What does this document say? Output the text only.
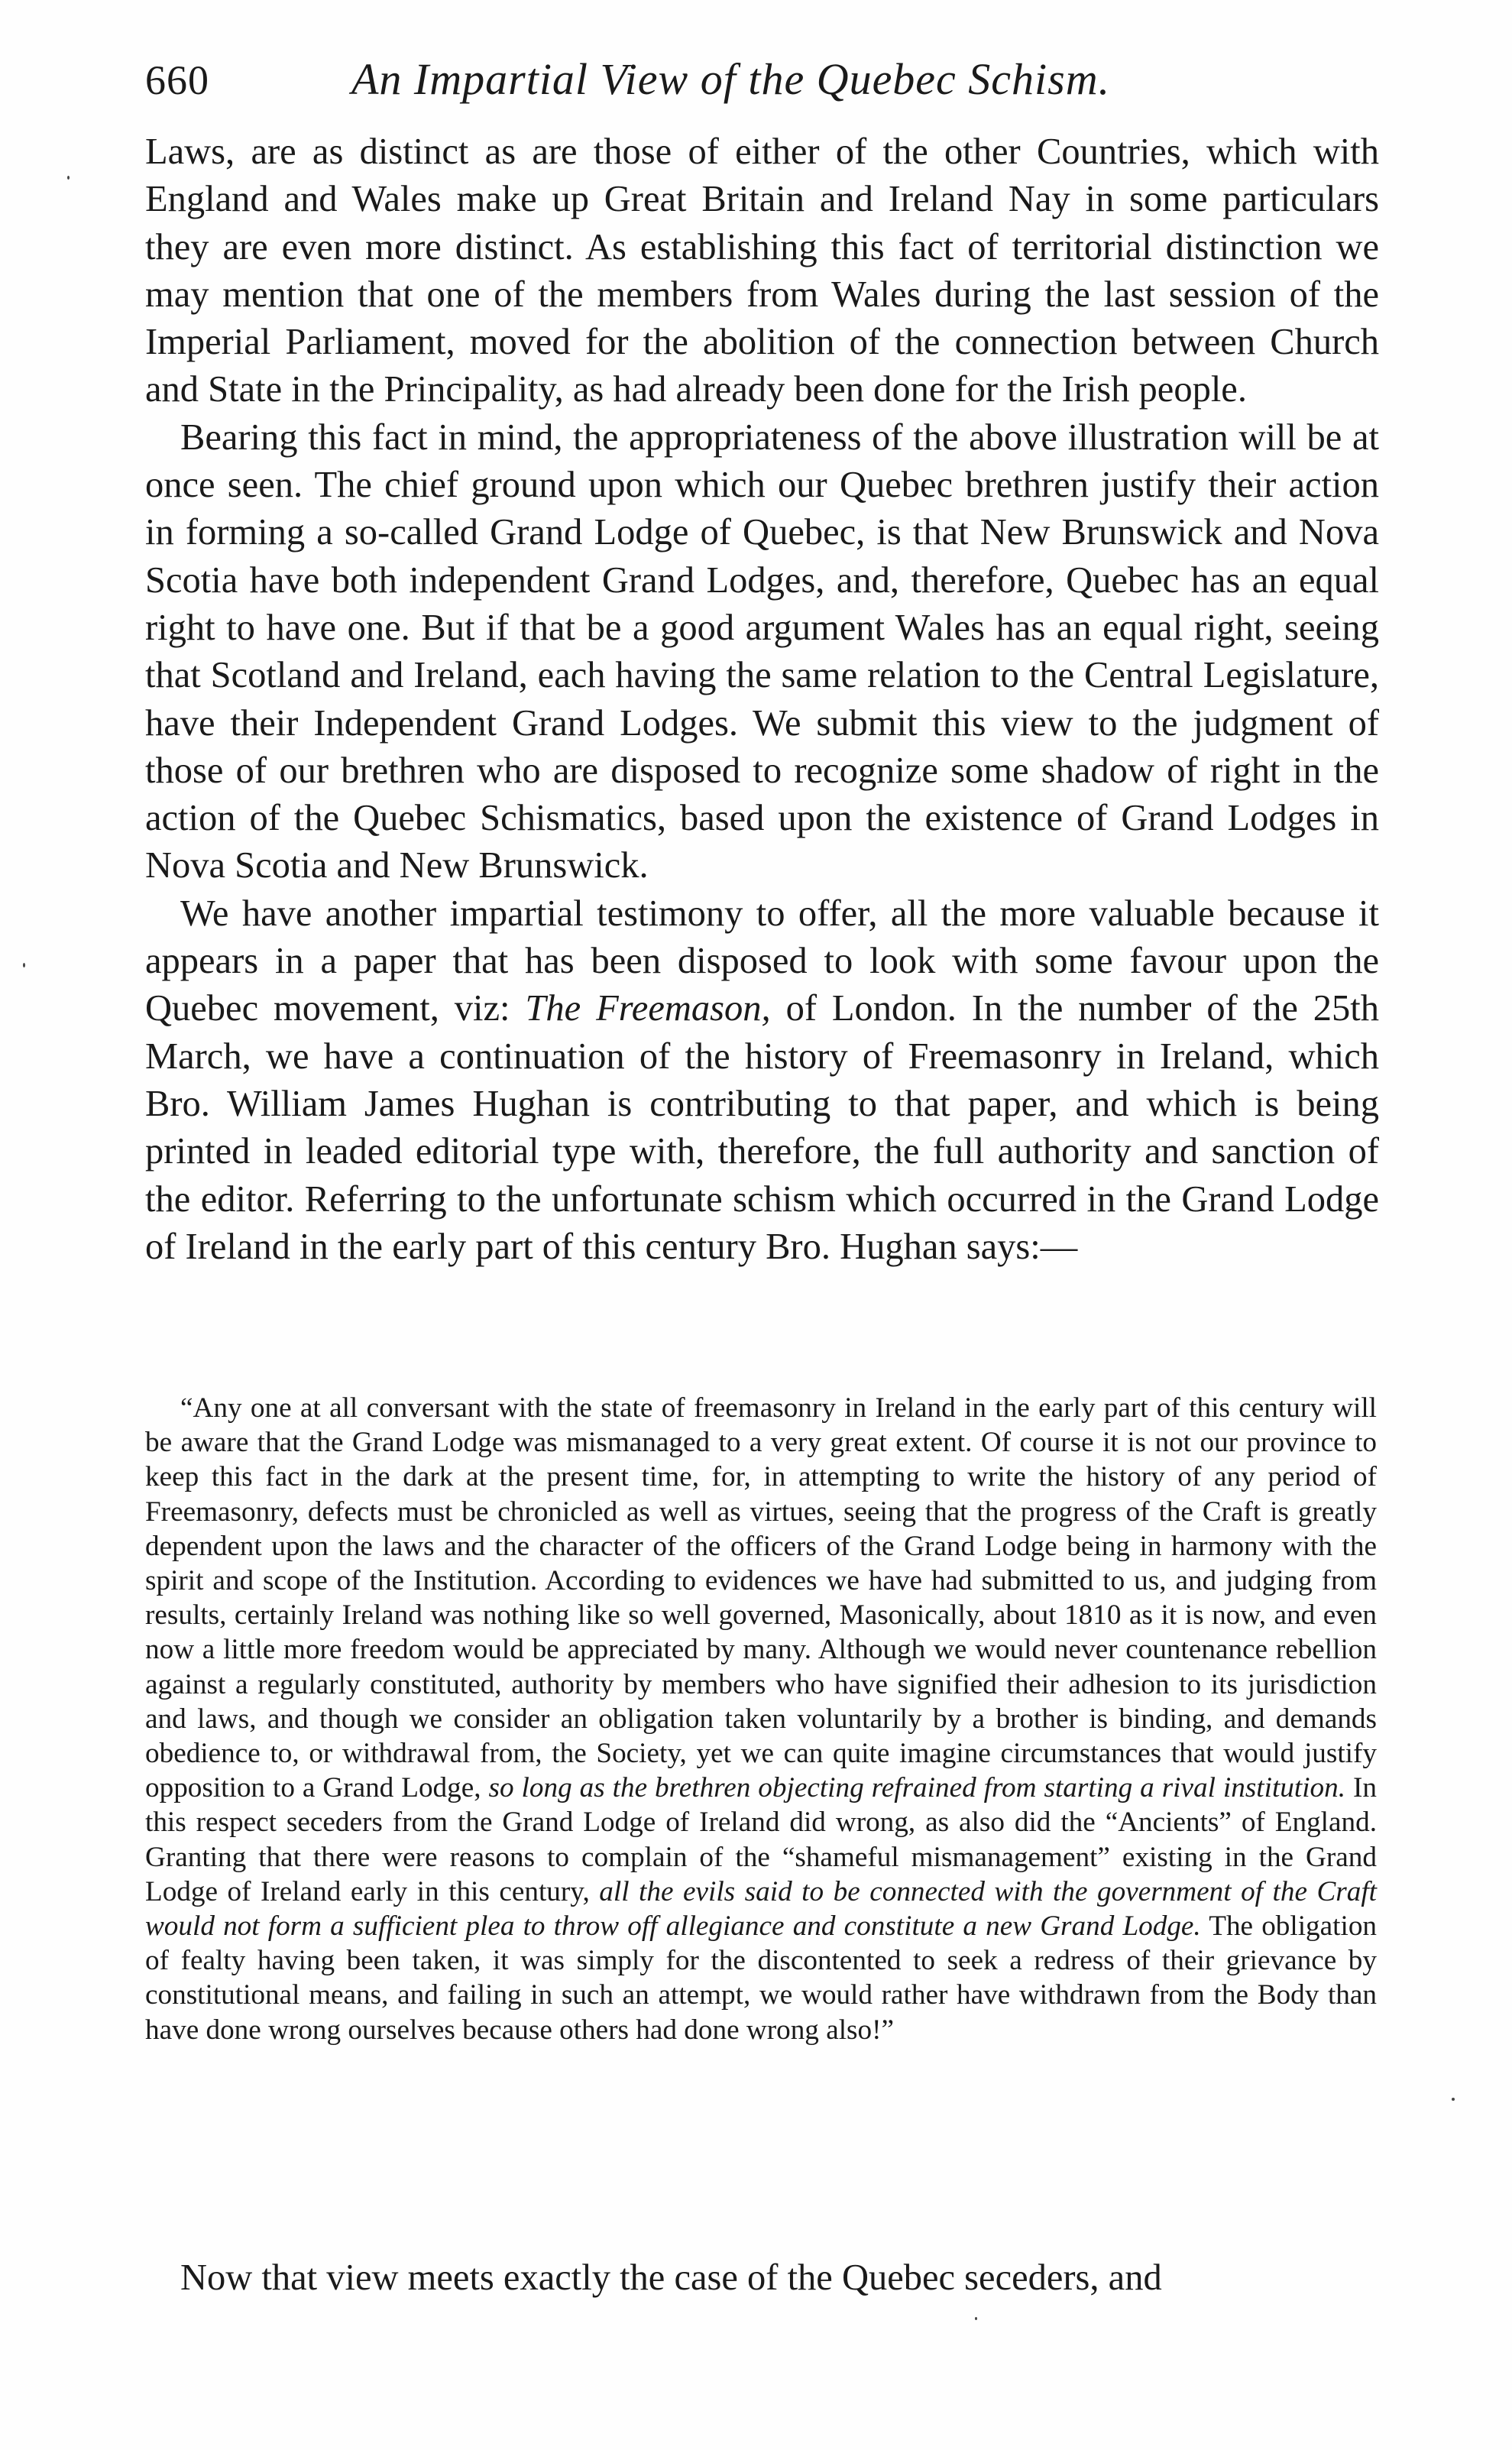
660	An Impartial View of the Quebec Schism.

Laws, are as distinct as are those of either of the other Countries, which with England and Wales make up Great Britain and Ireland Nay in some particulars they are even more distinct. As establishing this fact of territorial distinction we may mention that one of the members from Wales during the last session of the Imperial Parliament, moved for the abolition of the connection between Church and State in the Principality, as had already been done for the Irish people.

Bearing this fact in mind, the appropriateness of the above illustration will be at once seen. The chief ground upon which our Quebec brethren justify their action in forming a so-called Grand Lodge of Quebec, is that New Brunswick and Nova Scotia have both independent Grand Lodges, and, therefore, Quebec has an equal right to have one. But if that be a good argument Wales has an equal right, seeing that Scotland and Ireland, each having the same relation to the Central Legislature, have their Independent Grand Lodges. We submit this view to the judgment of those of our brethren who are disposed to recognize some shadow of right in the action of the Quebec Schismatics, based upon the existence of Grand Lodges in Nova Scotia and New Brunswick.

We have another impartial testimony to offer, all the more valuable because it appears in a paper that has been disposed to look with some favour upon the Quebec movement, viz: The Freemason, of London. In the number of the 25th March, we have a continuation of the history of Freemasonry in Ireland, which Bro. William James Hughan is contributing to that paper, and which is being printed in leaded editorial type with, therefore, the full authority and sanction of the editor. Referring to the unfortunate schism which occurred in the Grand Lodge of Ireland in the early part of this century Bro. Hughan says:—

“Any one at all conversant with the state of freemasonry in Ireland in the early part of this century will be aware that the Grand Lodge was mismanaged to a very great extent. Of course it is not our province to keep this fact in the dark at the present time, for, in attempting to write the history of any period of Freemasonry, defects must be chronicled as well as virtues, seeing that the progress of the Craft is greatly dependent upon the laws and the character of the officers of the Grand Lodge being in harmony with the spirit and scope of the Institution. According to evidences we have had submitted to us, and judging from results, certainly Ireland was nothing like so well governed, Masonically, about 1810 as it is now, and even now a little more freedom would be appreciated by many. Although we would never countenance rebellion against a regularly constituted, authority by members who have signified their adhesion to its jurisdiction and laws, and though we consider an obligation taken voluntarily by a brother is binding, and demands obedience to, or withdrawal from, the Society, yet we can quite imagine circumstances that would justify opposition to a Grand Lodge, so long as the brethren objecting refrained from starting a rival institution. In this respect seceders from the Grand Lodge of Ireland did wrong, as also did the “Ancients” of England. Granting that there were reasons to complain of the “shameful mismanagement” existing in the Grand Lodge of Ireland early in this century, all the evils said to be connected with the government of the Craft would not form a sufficient plea to throw off allegiance and constitute a new Grand Lodge. The obligation of fealty having been taken, it was simply for the discontented to seek a redress of their grievance by constitutional means, and failing in such an attempt, we would rather have withdrawn from the Body than have done wrong ourselves because others had done wrong also!”

Now that view meets exactly the case of the Quebec seceders, and
